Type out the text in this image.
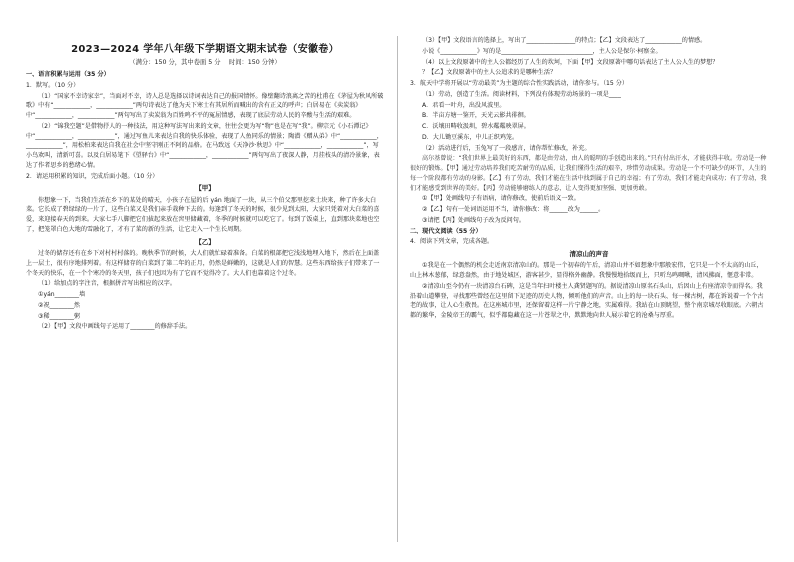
2023—2024 学年八年级下学期语文期末试卷（安徽卷）

（满分：150 分，其中卷面 5 分　 时间：150 分钟）

一、语言积累与运用（35 分）

1．默写。（10 分）

（1）“国家不幸诗家幸”，当面对不幸，诗人总是选择以诗词表达自己的报国情怀。像壁翻诗浪离之苦的杜甫在《茅屋为秋风所破歌》中有“____________，____________”两句诗表达了他为天下寒士有其居所而喊出的含有正义的呼声；白居易在《卖炭翁》中“____________，____________”两句写出了卖炭翁为百姓鸣不平的冤屈情感，表现了底层劳动人民的辛酸与生活的艰难。

（2）“锦我空题”是借物抒人的一种技法，用这种写法写出来的文章，往往会更为写“物”也是在写“我”。柳宗元《小石潭记》中“____________，____________”，通过写鱼儿来表达自我的快乐体验，表现了人鱼同乐的情景；陶潜《赠从弟》中“____________，____________”，用松柏来表达自我在社会中坚守刚正不阿的品格。在马致远《天净沙·秋思》中“____________，____________”，写小鸟欢叫，清新可喜。以及白居易笔下《望驿台》中“____________，____________”两句写出了夜深人静，月挂枝头的清冷景象，表达了作者思乡的愁绪心情。

2．请运用积累的知识，完成后面小题。（10 分）

【甲】

你想象一下，当我们生活在乡下的某处的晴天，小孩子在屋的后 yán 地面了一块，从三个伯父那里挖来土块来，种了许多大白菜。它长成了碧绿绿的一片了，这些白菜又是我们亲手栽种下去的。每逢到了冬天的时候，很少见到太阳，大家只凭着对大白菜的喜爱，来迎接春天的到来。大家七手八脚把它们拔起来放在窖里储藏着，冬季的时候就可以吃它了。每到了饭桌上，直到那块菜地也空了，把笼罩白色大地的雪融化了，才有了菜的新的生活，让它走入一个生长周期。

【乙】

过冬的储存还有在乡下对村村村落的。晚秋季节的时候，大人们就忙碌着准备。白菜的根部把它浅浅地埋入地下，然后在上面盖上一层土，很有序地排列着。有这样储存的白菜到了第二年的正月，仍然是鲜嫩的，这就是人们的智慧。这些东西给孩子们带来了一个冬天的快乐，在一个个寒冷的冬天里，孩子们也因为有了它而不觉得冷了。大人们也靠着这个过冬。

（1）给加点的字注音，根据拼音写出相应的汉字。

①yán________墙

②祝________然

③稀________粥

（2）【甲】文段中画线句子运用了________的修辞手法。

（3）【甲】文段语言的选择上，写出了________________的特点；【乙】文段表达了____________的情感。

小说《____________》写的是______________________________，主人公是保尔·柯察金。

（4）以上文段原著中的主人公都经历了人生的坎坷，下面【甲】文段原著中哪句话表达了主人公人生的梦想？

？【乙】文段原著中的主人公追求的是哪种生活？

3．航天中学将开展以“劳动最美”为主题的综合性实践活动，请你参与。（15 分）

（1）劳动，创造了生活。阅读材料，下列没有体现劳动场景的一项是____

A．君看一叶舟，出没风波里。

B．半亩方塘一鉴开，天光云影共徘徊。

C．沃壤田畴收汲圳，碧水粼粼映翠屏。

D．大儿锄豆溪东，中儿正织鸡笼。

（2）活动进行后，玉兔写了一段感言，请你帮忙修改，补充。

高尔基曾说：“我们世界上最美好的东西，都是由劳动，由人的聪明的手创造出来的。”只有付出汗水，才能获得丰收。劳动是一种很好的锻炼。【甲】通过劳动培养我们吃苦耐劳的品质，让我们懂得生活的艰辛，珍惜劳动成果。劳动是一个不可缺少的环节，人生的每一个阶段都有劳动的身影。【乙】有了劳动，我们才能在生活中找到属于自己的幸福；有了劳动，我们才能走向成功；有了劳动，我们才能感受到世界的美好。【丙】劳动能够磨练人的意志，让人变得更加坚强、更加勇敢。

①【甲】处画线句子有语病，请你修改，使前后语义一致。

②【乙】句有一处词语运用不当，请你修改：将______改为______。

③请把【丙】处画线句子改为反问句。

二、现代文阅读（55 分）

4．阅读下列文章，完成各题。

清凉山的声音

①我是在一个偶然的机会走近南京清凉山的。那是一个初春的午后，清凉山并不如想象中那般宏伟，它只是一个不太高的山丘，山上林木葱郁，绿意盎然，由于地处城区，游客甚少，显得格外幽静。我慢慢地拾级而上，只听鸟鸣啁啾，清风拂面，惬意非常。

②清凉山至今仍有一块清凉台石碑，这是当年扫叶楼主人龚贤题写的。据说清凉山原名石头山，后因山上有座清凉寺而得名。我沿着山道攀登，寻找那些曾经在这里留下足迹的历史人物，倾听他们的声音。山上的每一块石头、每一棵古树，都在诉说着一个个古老的故事，让人心生敬畏。在这座城市里，还保留着这样一片宁静之地，实属难得。我站在山顶眺望，整个南京城尽收眼底。六朝古都的繁华，金陵帝王的霸气，似乎都隐藏在这一片苍翠之中，默默地向世人展示着它的沧桑与厚重。
